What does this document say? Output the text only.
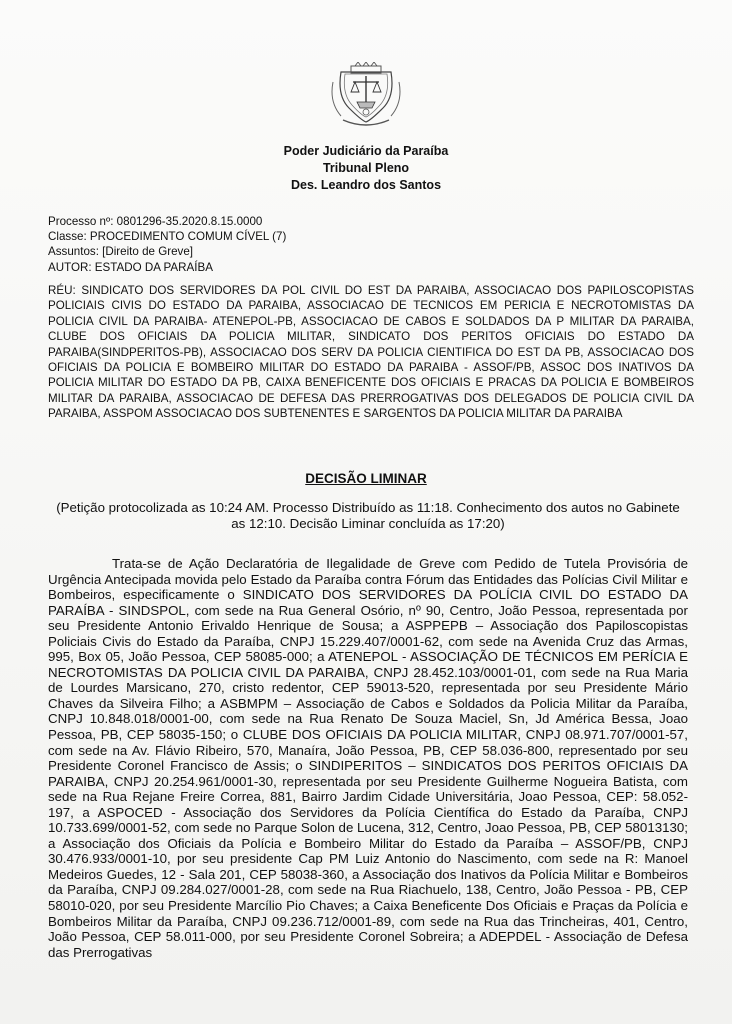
Poder Judiciário da Paraíba
Tribunal Pleno
Des. Leandro dos Santos
Processo nº: 0801296-35.2020.8.15.0000
Classe: PROCEDIMENTO COMUM CÍVEL (7)
Assuntos: [Direito de Greve]
AUTOR: ESTADO DA PARAÍBA
RÉU: SINDICATO DOS SERVIDORES DA POL CIVIL DO EST DA PARAIBA, ASSOCIACAO DOS PAPILOSCOPISTAS POLICIAIS CIVIS DO ESTADO DA PARAIBA, ASSOCIACAO DE TECNICOS EM PERICIA E NECROTOMISTAS DA POLICIA CIVIL DA PARAIBA- ATENEPOL-PB, ASSOCIACAO DE CABOS E SOLDADOS DA P MILITAR DA PARAIBA, CLUBE DOS OFICIAIS DA POLICIA MILITAR, SINDICATO DOS PERITOS OFICIAIS DO ESTADO DA PARAIBA(SINDPERITOS-PB), ASSOCIACAO DOS SERV DA POLICIA CIENTIFICA DO EST DA PB, ASSOCIACAO DOS OFICIAIS DA POLICIA E BOMBEIRO MILITAR DO ESTADO DA PARAIBA - ASSOF/PB, ASSOC DOS INATIVOS DA POLICIA MILITAR DO ESTADO DA PB, CAIXA BENEFICENTE DOS OFICIAIS E PRACAS DA POLICIA E BOMBEIROS MILITAR DA PARAIBA, ASSOCIACAO DE DEFESA DAS PRERROGATIVAS DOS DELEGADOS DE POLICIA CIVIL DA PARAIBA, ASSPOM ASSOCIACAO DOS SUBTENENTES E SARGENTOS DA POLICIA MILITAR DA PARAIBA
DECISÃO LIMINAR
(Petição protocolizada as 10:24 AM. Processo Distribuído as 11:18. Conhecimento dos autos no Gabinete as 12:10. Decisão Liminar concluída as 17:20)

Trata-se de Ação Declaratória de Ilegalidade de Greve com Pedido de Tutela Provisória de Urgência Antecipada movida pelo Estado da Paraíba contra Fórum das Entidades das Polícias Civil Militar e Bombeiros, especificamente o SINDICATO DOS SERVIDORES DA POLÍCIA CIVIL DO ESTADO DA PARAÍBA - SINDSPOL, com sede na Rua General Osório, nº 90, Centro, João Pessoa, representada por seu Presidente Antonio Erivaldo Henrique de Sousa; a ASPPEPB – Associação dos Papiloscopistas Policiais Civis do Estado da Paraíba, CNPJ 15.229.407/0001-62, com sede na Avenida Cruz das Armas, 995, Box 05, João Pessoa, CEP 58085-000; a ATENEPOL - ASSOCIAÇÃO DE TÉCNICOS EM PERÍCIA E NECROTOMISTAS DA POLICIA CIVIL DA PARAIBA, CNPJ 28.452.103/0001-01, com sede na Rua Maria de Lourdes Marsicano, 270, cristo redentor, CEP 59013-520, representada por seu Presidente Mário Chaves da Silveira Filho; a ASBMPM – Associação de Cabos e Soldados da Policia Militar da Paraíba, CNPJ 10.848.018/0001-00, com sede na Rua Renato De Souza Maciel, Sn, Jd América Bessa, Joao Pessoa, PB, CEP 58035-150; o CLUBE DOS OFICIAIS DA POLICIA MILITAR, CNPJ 08.971.707/0001-57, com sede na Av. Flávio Ribeiro, 570, Manaíra, João Pessoa, PB, CEP 58.036-800, representado por seu Presidente Coronel Francisco de Assis; o SINDIPERITOS – SINDICATOS DOS PERITOS OFICIAIS DA PARAIBA, CNPJ 20.254.961/0001-30, representada por seu Presidente Guilherme Nogueira Batista, com sede na Rua Rejane Freire Correa, 881, Bairro Jardim Cidade Universitária, Joao Pessoa, CEP: 58.052-197, a ASPOCED - Associação dos Servidores da Polícia Científica do Estado da Paraíba, CNPJ 10.733.699/0001-52, com sede no Parque Solon de Lucena, 312, Centro, Joao Pessoa, PB, CEP 58013130; a Associação dos Oficiais da Polícia e Bombeiro Militar do Estado da Paraíba – ASSOF/PB, CNPJ 30.476.933/0001-10, por seu presidente Cap PM Luiz Antonio do Nascimento, com sede na R: Manoel Medeiros Guedes, 12 - Sala 201, CEP 58038-360, a Associação dos Inativos da Polícia Militar e Bombeiros da Paraíba, CNPJ 09.284.027/0001-28, com sede na Rua Riachuelo, 138, Centro, João Pessoa - PB, CEP 58010-020, por seu Presidente Marcílio Pio Chaves; a Caixa Beneficente Dos Oficiais e Praças da Polícia e Bombeiros Militar da Paraíba, CNPJ 09.236.712/0001-89, com sede na Rua das Trincheiras, 401, Centro, João Pessoa, CEP 58.011-000, por seu Presidente Coronel Sobreira; a ADEPDEL - Associação de Defesa das Prerrogativas
